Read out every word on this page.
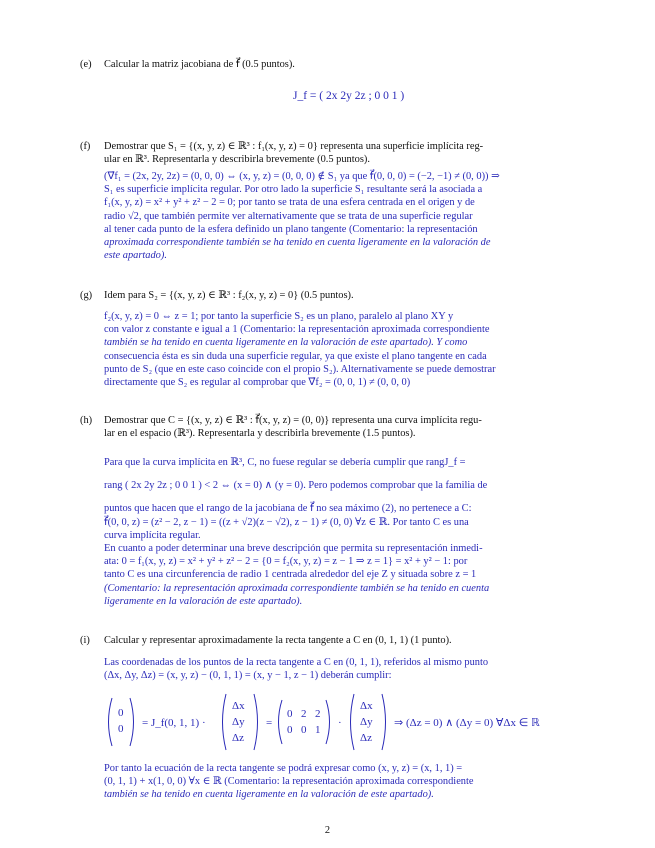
(e) Calcular la matriz jacobiana de f⃗ (0.5 puntos).
J_f = ( 2x 2y 2z ; 0 0 1 )
(f) Demostrar que S₁ = {(x, y, z) ∈ ℝ³ : f₁(x, y, z) = 0} representa una superficie implícita reg-
ular en ℝ³. Representarla y describirla brevemente (0.5 puntos).
(∇⃗f₁ = (2x, 2y, 2z) = (0, 0, 0) ⇔ (x, y, z) = (0, 0, 0) ∉ S₁ ya que f⃗(0, 0, 0) = (−2, −1) ≠ (0, 0)) ⇒
S₁ es superficie implícita regular. Por otro lado la superficie S₁ resultante será la asociada a
f₁(x, y, z) = x² + y² + z² − 2 = 0; por tanto se trata de una esfera centrada en el origen y de
radio √2, que también permite ver alternativamente que se trata de una superficie regular
al tener cada punto de la esfera definido un plano tangente (Comentario: la representación
aproximada correspondiente también se ha tenido en cuenta ligeramente en la valoración de
este apartado).
(g) Idem para S₂ = {(x, y, z) ∈ ℝ³ : f₂(x, y, z) = 0} (0.5 puntos).
f₂(x, y, z) = 0 ⇔ z = 1; por tanto la superficie S₂ es un plano, paralelo al plano XY y
con valor z constante e igual a 1 (Comentario: la representación aproximada correspondiente
también se ha tenido en cuenta ligeramente en la valoración de este apartado). Y como
consecuencia ésta es sin duda una superficie regular, ya que existe el plano tangente en cada
punto de S₂ (que en este caso coincide con el propio S₂). Alternativamente se puede demostrar
directamente que S₂ es regular al comprobar que ∇⃗f₂ = (0, 0, 1) ≠ (0, 0, 0)
(h) Demostrar que C = {(x, y, z) ∈ ℝ³ : f⃗(x, y, z) = (0, 0)} representa una curva implícita regu-
lar en el espacio (ℝ³). Representarla y describirla brevemente (1.5 puntos).
Para que la curva implícita en ℝ³, C, no fuese regular se debería cumplir que rangJ_f =
rang ( 2x 2y 2z ; 0 0 1 ) < 2 ⇔ (x = 0) ∧ (y = 0). Pero podemos comprobar que la familia de
puntos que hacen que el rango de la jacobiana de f⃗ no sea máximo (2), no pertenece a C:
f⃗(0, 0, z) = (z² − 2, z − 1) = ((z + √2)(z − √2), z − 1) ≠ (0, 0) ∀z ∈ ℝ. Por tanto C es una
curva implícita regular.
En cuanto a poder determinar una breve descripción que permita su representación inmedi-
ata: 0 = f₁(x, y, z) = x² + y² + z² − 2 = {0 = f₂(x, y, z) = z − 1 ⇒ z = 1} = x² + y² − 1: por
tanto C es una circunferencia de radio 1 centrada alrededor del eje Z y situada sobre z = 1
(Comentario: la representación aproximada correspondiente también se ha tenido en cuenta
ligeramente en la valoración de este apartado).
(i) Calcular y representar aproximadamente la recta tangente a C en (0, 1, 1) (1 punto).
Las coordenadas de los puntos de la recta tangente a C en (0, 1, 1), referidos al mismo punto
(Δx, Δy, Δz) = (x, y, z) − (0, 1, 1) = (x, y − 1, z − 1) deberán cumplir:
0
0 = J_f(0, 1, 1) ·
Δx
Δy
Δz
=
0 2 2
0 0 1
·
Δx
Δy
Δz
⇒ (Δz = 0) ∧ (Δy = 0) ∀Δx ∈ ℝ
Por tanto la ecuación de la recta tangente se podrá expresar como (x, y, z) = (x, 1, 1) =
(0, 1, 1) + x(1, 0, 0) ∀x ∈ ℝ (Comentario: la representación aproximada correspondiente
también se ha tenido en cuenta ligeramente en la valoración de este apartado).
2
